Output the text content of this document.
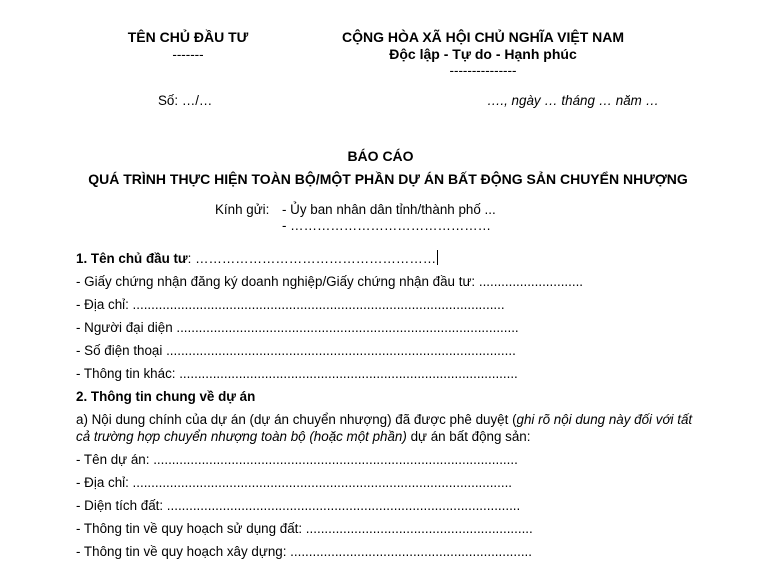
TÊN CHỦ ĐẦU TƯ
-------
CỘNG HÒA XÃ HỘI CHỦ NGHĨA VIỆT NAM
Độc lập - Tự do - Hạnh phúc
---------------
Số: …/…	…., ngày … tháng … năm …
BÁO CÁO
QUÁ TRÌNH THỰC HIỆN TOÀN BỘ/MỘT PHẦN DỰ ÁN BẤT ĐỘNG SẢN CHUYỂN NHƯỢNG
Kính gửi: - Ủy ban nhân dân tỉnh/thành phố ...
- ………………………………………
1. Tên chủ đầu tư: ………………………………………………
- Giấy chứng nhận đăng ký doanh nghiệp/Giấy chứng nhận đầu tư: ............................
- Địa chỉ: ....................................................................................................
- Người đại diện ............................................................................................
- Số điện thoại ..............................................................................................
- Thông tin khác: ...........................................................................................
2. Thông tin chung về dự án
a) Nội dung chính của dự án (dự án chuyển nhượng) đã được phê duyệt (ghi rõ nội dung này đối với tất
cả trường hợp chuyển nhượng toàn bộ (hoặc một phần) dự án bất động sản:
- Tên dự án: ..................................................................................................
- Địa chỉ: ......................................................................................................
- Diện tích đất: ...............................................................................................
- Thông tin về quy hoạch sử dụng đất: .............................................................
- Thông tin về quy hoạch xây dựng: .................................................................
